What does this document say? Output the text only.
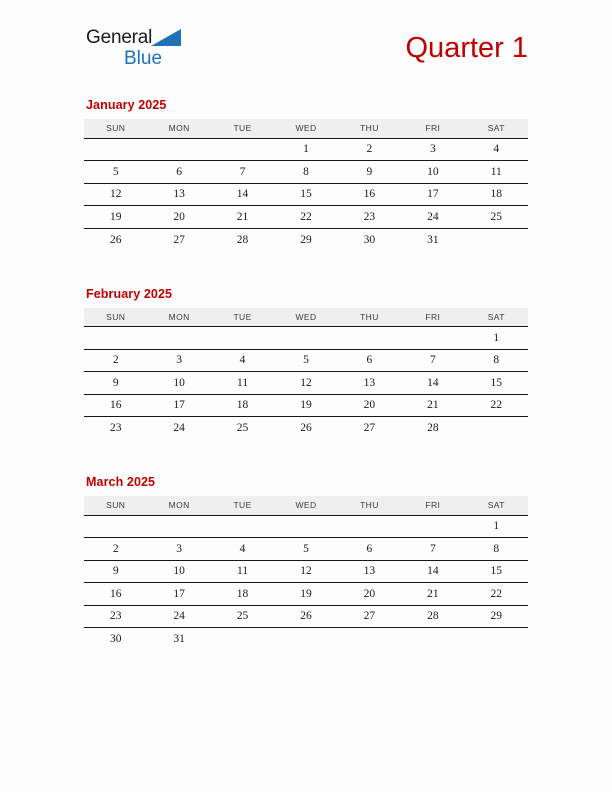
General
Blue	Quarter 1
January 2025
SUN	MON	TUE	WED	THU	FRI	SAT
			1	2	3	4
5	6	7	8	9	10	11
12	13	14	15	16	17	18
19	20	21	22	23	24	25
26	27	28	29	30	31	
February 2025
SUN	MON	TUE	WED	THU	FRI	SAT
						1
2	3	4	5	6	7	8
9	10	11	12	13	14	15
16	17	18	19	20	21	22
23	24	25	26	27	28	
March 2025
SUN	MON	TUE	WED	THU	FRI	SAT
						1
2	3	4	5	6	7	8
9	10	11	12	13	14	15
16	17	18	19	20	21	22
23	24	25	26	27	28	29
30	31					
